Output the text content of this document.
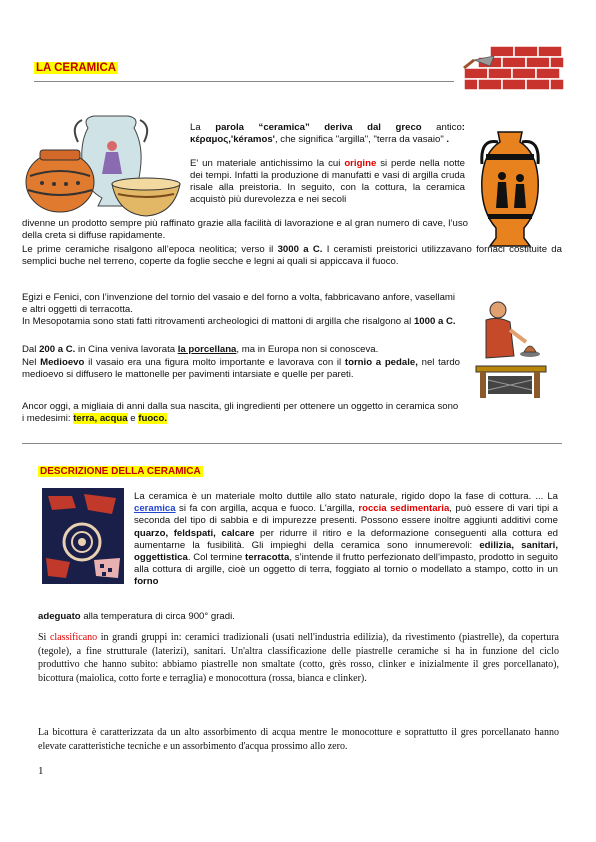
LA CERAMICA
La parola “ceramica” deriva dal greco antico: κέραμος,'kéramos', che significa "argilla", "terra da vasaio" .
E' un materiale antichissimo la cui origine si perde nella notte dei tempi. Infatti la produzione di manufatti e vasi di argilla cruda risale alla preistoria. In seguito, con la cottura, la ceramica acquistò più durevolezza e nei secoli
divenne un prodotto sempre più raffinato grazie alla facilità di lavorazione e al gran numero di cave, l’uso della creta si diffuse rapidamente.
Le prime ceramiche risalgono all’epoca neolitica; verso il 3000 a C. I ceramisti preistorici utilizzavano fornaci costituite da semplici buche nel terreno, coperte da foglie secche e legni ai quali si appiccava il fuoco.
Egizi e Fenici, con l’invenzione del tornio del vasaio e del forno a volta, fabbricavano anfore, vasellami e altri oggetti di terracotta.
In Mesopotamia sono stati fatti ritrovamenti archeologici di mattoni di argilla che risalgono al 1000 a C.
Dal 200 a C. in Cina veniva lavorata la porcellana, ma in Europa non si conosceva.
Nel Medioevo il vasaio era una figura molto importante e lavorava con il tornio a pedale, nel tardo medioevo si diffusero le mattonelle per pavimenti intarsiate e quelle per pareti.
Ancor oggi, a migliaia di anni dalla sua nascita, gli ingredienti per ottenere un oggetto in ceramica sono i medesimi: terra, acqua e fuoco.
DESCRIZIONE DELLA CERAMICA
La ceramica è un materiale molto duttile allo stato naturale, rigido dopo la fase di cottura. ... La ceramica si fa con argilla, acqua e fuoco. L'argilla, roccia sedimentaria, può essere di vari tipi a seconda del tipo di sabbia e di impurezze presenti. Possono essere inoltre aggiunti additivi come quarzo, feldspati, calcare per ridurre il ritiro e la deformazione conseguenti alla cottura ed aumentarne la fusibilità. Gli impieghi della ceramica sono innumerevoli: edilizia, sanitari, oggettistica. Col termine terracotta, s’intende il frutto perfezionato dell’impasto, prodotto in seguito alla cottura di argille, cioè un oggetto di terra, foggiato al tornio o modellato a stampo, cotto in un forno
adeguato alla temperatura di circa 900° gradi.
Si classificano in grandi gruppi in: ceramici tradizionali (usati nell'industria edilizia), da rivestimento (piastrelle), da copertura (tegole), a fine strutturale (laterizi), sanitari. Un'altra classificazione delle piastrelle ceramiche si ha in funzione del ciclo produttivo che hanno subito: abbiamo piastrelle non smaltate (cotto, grès rosso, clinker e inizialmente il gres porcellanato), bicottura (maiolica, cotto forte e terraglia) e monocottura (rossa, bianca e clinker).
La bicottura è caratterizzata da un alto assorbimento di acqua mentre le monocotture e soprattutto il gres porcellanato hanno elevate caratteristiche tecniche e un assorbimento d'acqua prossimo allo zero.
1
